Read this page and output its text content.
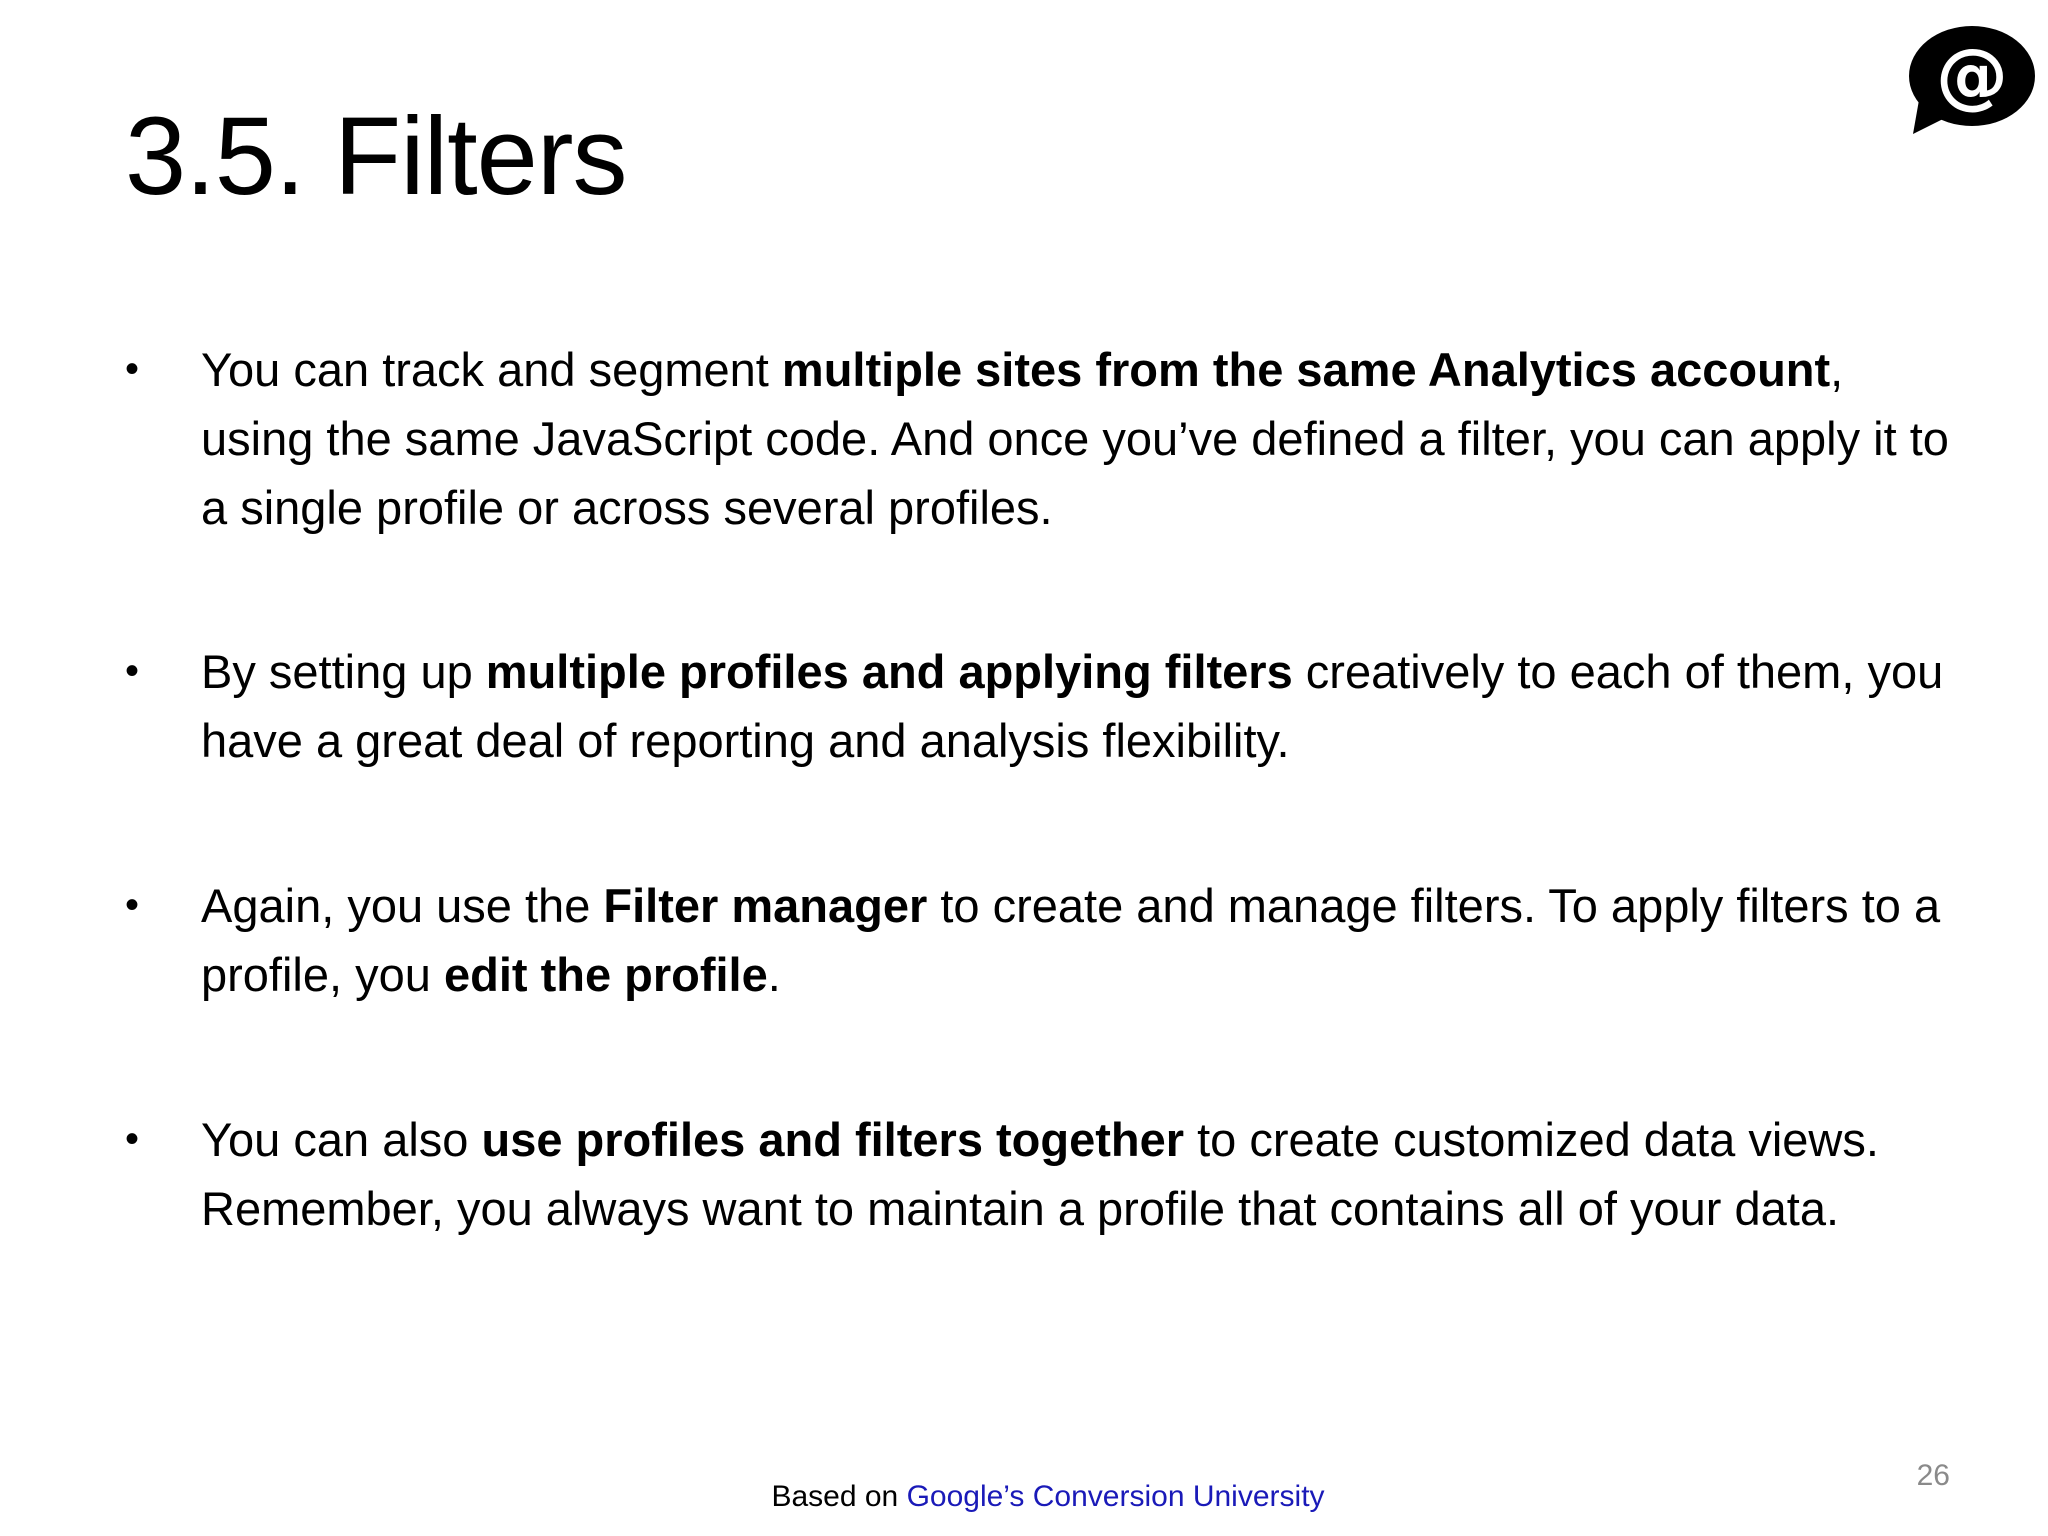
3.5. Filters
@
• You can track and segment multiple sites from the same Analytics account, using the same JavaScript code. And once you’ve defined a filter, you can apply it to a single profile or across several profiles.
• By setting up multiple profiles and applying filters creatively to each of them, you have a great deal of reporting and analysis flexibility.
• Again, you use the Filter manager to create and manage filters. To apply filters to a profile, you edit the profile.
• You can also use profiles and filters together to create customized data views. Remember, you always want to maintain a profile that contains all of your data.
Based on Google’s Conversion University
26
